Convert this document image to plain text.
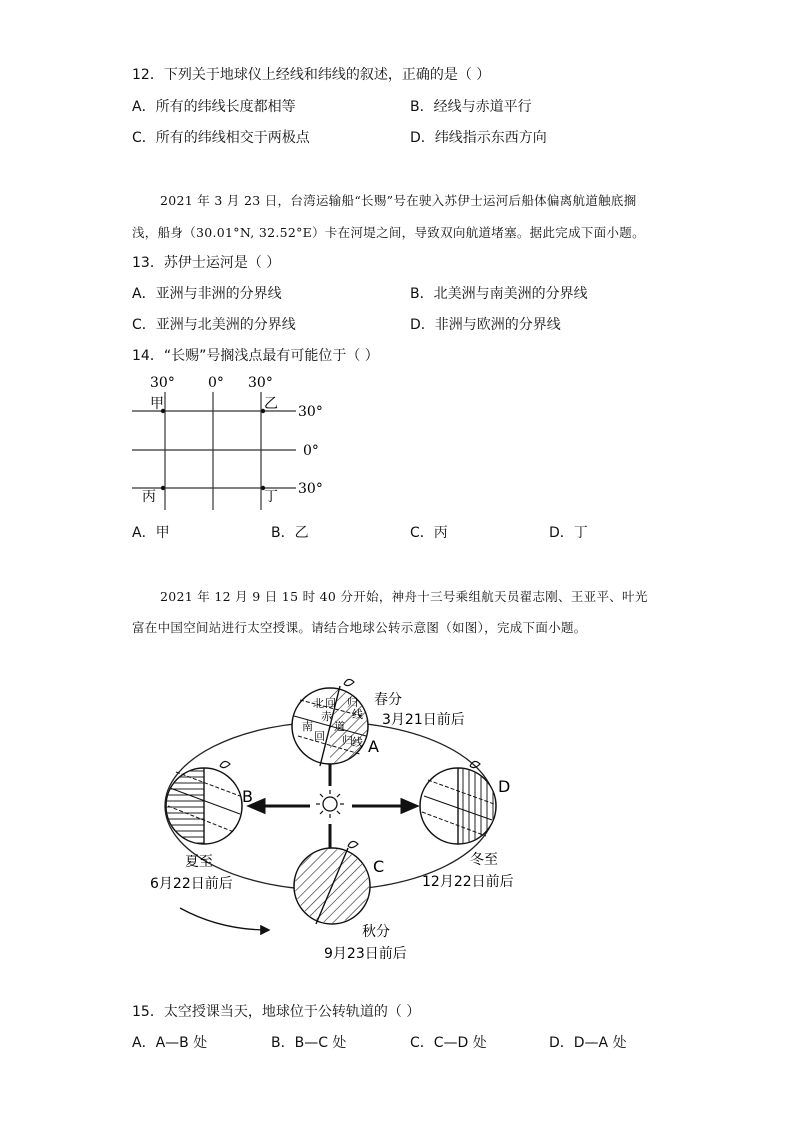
12．下列关于地球仪上经线和纬线的叙述，正确的是（ ）
A．所有的纬线长度都相等	B．经线与赤道平行
C．所有的纬线相交于两极点	D．纬线指示东西方向
2021 年 3 月 23 日，台湾运输船“长赐”号在驶入苏伊士运河后船体偏离航道触底搁
浅，船身（30.01°N, 32.52°E）卡在河堤之间，导致双向航道堵塞。据此完成下面小题。
13．苏伊士运河是（ ）
A．亚洲与非洲的分界线	B．北美洲与南美洲的分界线
C．亚洲与北美洲的分界线	D．非洲与欧洲的分界线
14．“长赐”号搁浅点最有可能位于（ ）
30° 0° 30°
30°
0°
30°
甲	乙
丙	丁
A．甲	B．乙	C．丙	D．丁
2021 年 12 月 9 日 15 时 40 分开始，神舟十三号乘组航天员翟志刚、王亚平、叶光
富在中国空间站进行太空授课。请结合地球公转示意图（如图），完成下面小题。
北 回 归
线
赤
道
南
回 归 线
春分
3月21日前后
A
B
夏至
6月22日前后
D
冬至
12月22日前后
C
秋分
9月23日前后
15．太空授课当天，地球位于公转轨道的（ ）
A．A—B 处	B．B—C 处	C．C—D 处	D．D—A 处
